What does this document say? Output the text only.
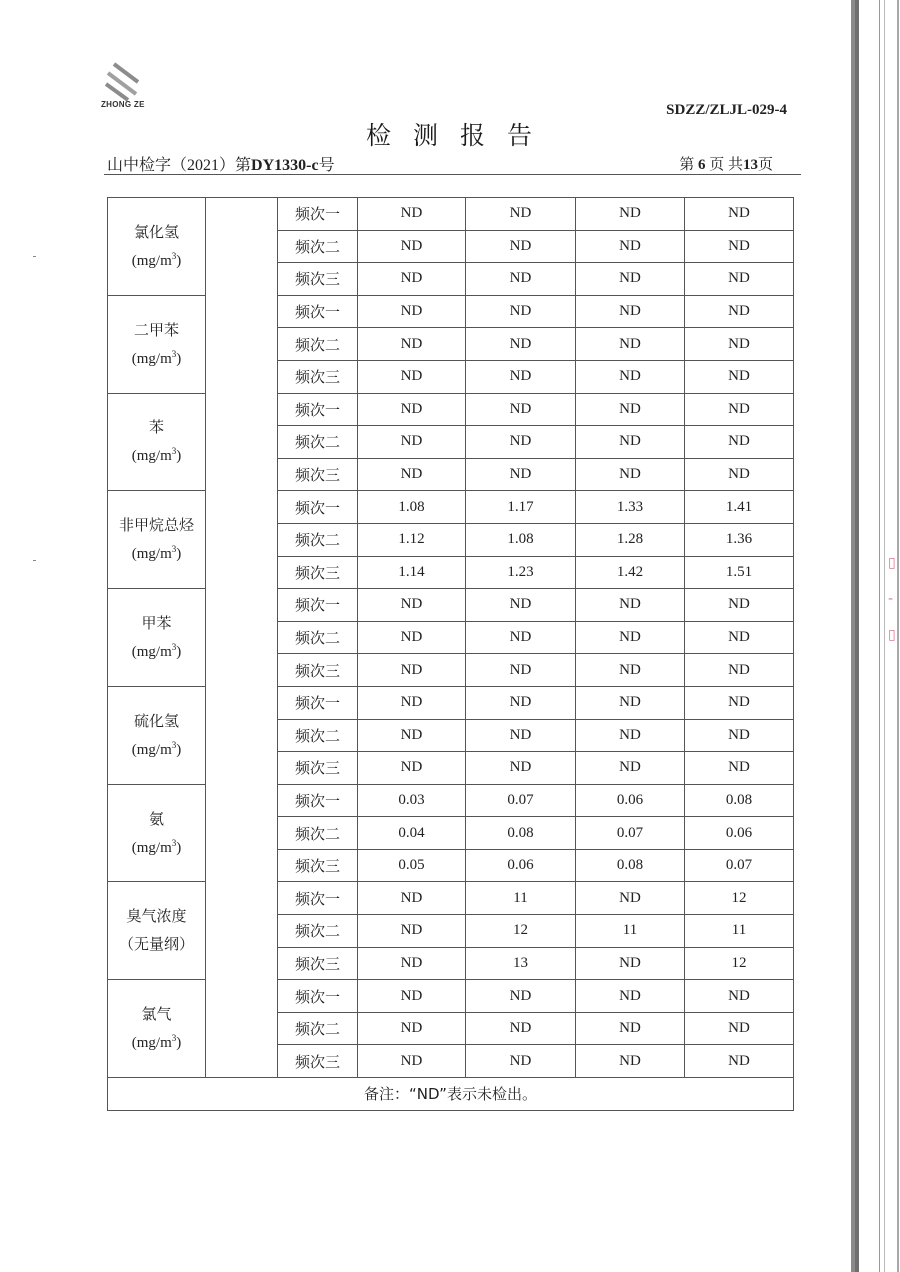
▯
-
▯
ZHONG ZE	SDZZ/ZLJL-029-4
检测报告
山中检字（2021）第DY1330-c号	第 6 页 共13页
氯化氢
$(mg/m^3)$		频次一	ND	ND	ND	ND
		频次二	ND	ND	ND	ND
		频次三	ND	ND	ND	ND

二甲苯
$(mg/m^3)$		频次一	ND	ND	ND	ND
		频次二	ND	ND	ND	ND
		频次三	ND	ND	ND	ND

苯
$(mg/m^3)$		频次一	ND	ND	ND	ND
		频次二	ND	ND	ND	ND
		频次三	ND	ND	ND	ND

非甲烷总烃
$(mg/m^3)$		频次一	1.08	1.17	1.33	1.41
		频次二	1.12	1.08	1.28	1.36
		频次三	1.14	1.23	1.42	1.51

甲苯
$(mg/m^3)$		频次一	ND	ND	ND	ND
		频次二	ND	ND	ND	ND
		频次三	ND	ND	ND	ND

硫化氢
$(mg/m^3)$		频次一	ND	ND	ND	ND
		频次二	ND	ND	ND	ND
		频次三	ND	ND	ND	ND

氨
$(mg/m^3)$		频次一	0.03	0.07	0.06	0.08
		频次二	0.04	0.08	0.07	0.06
		频次三	0.05	0.06	0.08	0.07

臭气浓度
（无量纲）		频次一	ND	11	ND	12
		频次二	ND	12	11	11
		频次三	ND	13	ND	12

氯气
$(mg/m^3)$		频次一	ND	ND	ND	ND
		频次二	ND	ND	ND	ND
		频次三	ND	ND	ND	ND
备注：“ND”表示未检出。						
